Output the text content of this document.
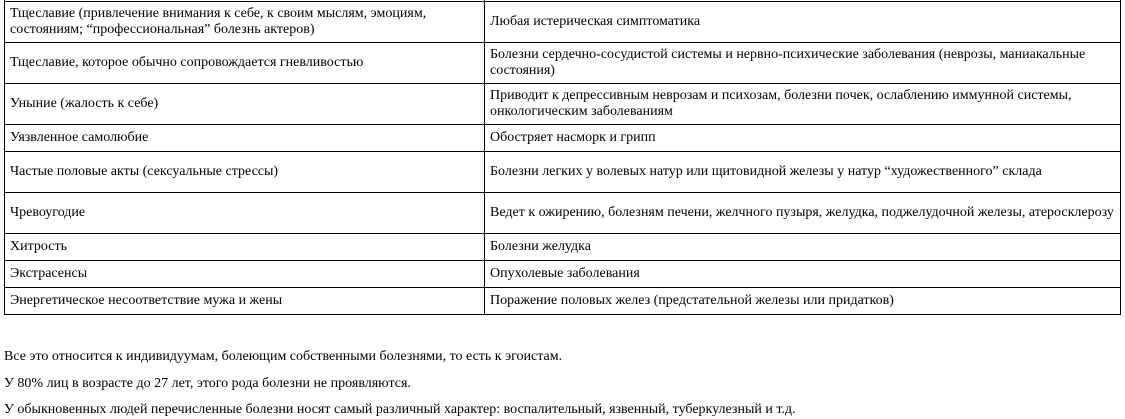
Тщеславие (привлечение внимания к себе, к своим мыслям, эмоциям, состояниям; “профессиональная” болезнь актеров)	Любая истерическая симптоматика
Тщеславие, которое обычно сопровождается гневливостью	Болезни сердечно-сосудистой системы и нервно-психические заболевания (неврозы, маниакальные состояния)
Уныние (жалость к себе)	Приводит к депрессивным неврозам и психозам, болезни почек, ослаблению иммунной системы, онкологическим заболеваниям
Уязвленное самолюбие	Обостряет насморк и грипп
Частые половые акты (сексуальные стрессы)	Болезни легких у волевых натур или щитовидной железы у натур “художественного” склада
Чревоугодие	Ведет к ожирению, болезням печени, желчного пузыря, желудка, поджелудочной железы, атеросклерозу
Хитрость	Болезни желудка
Экстрасенсы	Опухолевые заболевания
Энергетическое несоответствие мужа и жены	Поражение половых желез (предстательной железы или придатков)

Все это относится к индивидуумам, болеющим собственными болезнями, то есть к эгоистам.

У 80% лиц в возрасте до 27 лет, этого рода болезни не проявляются.

У обыкновенных людей перечисленные болезни носят самый различный характер: воспалительный, язвенный, туберкулезный и т.д.
